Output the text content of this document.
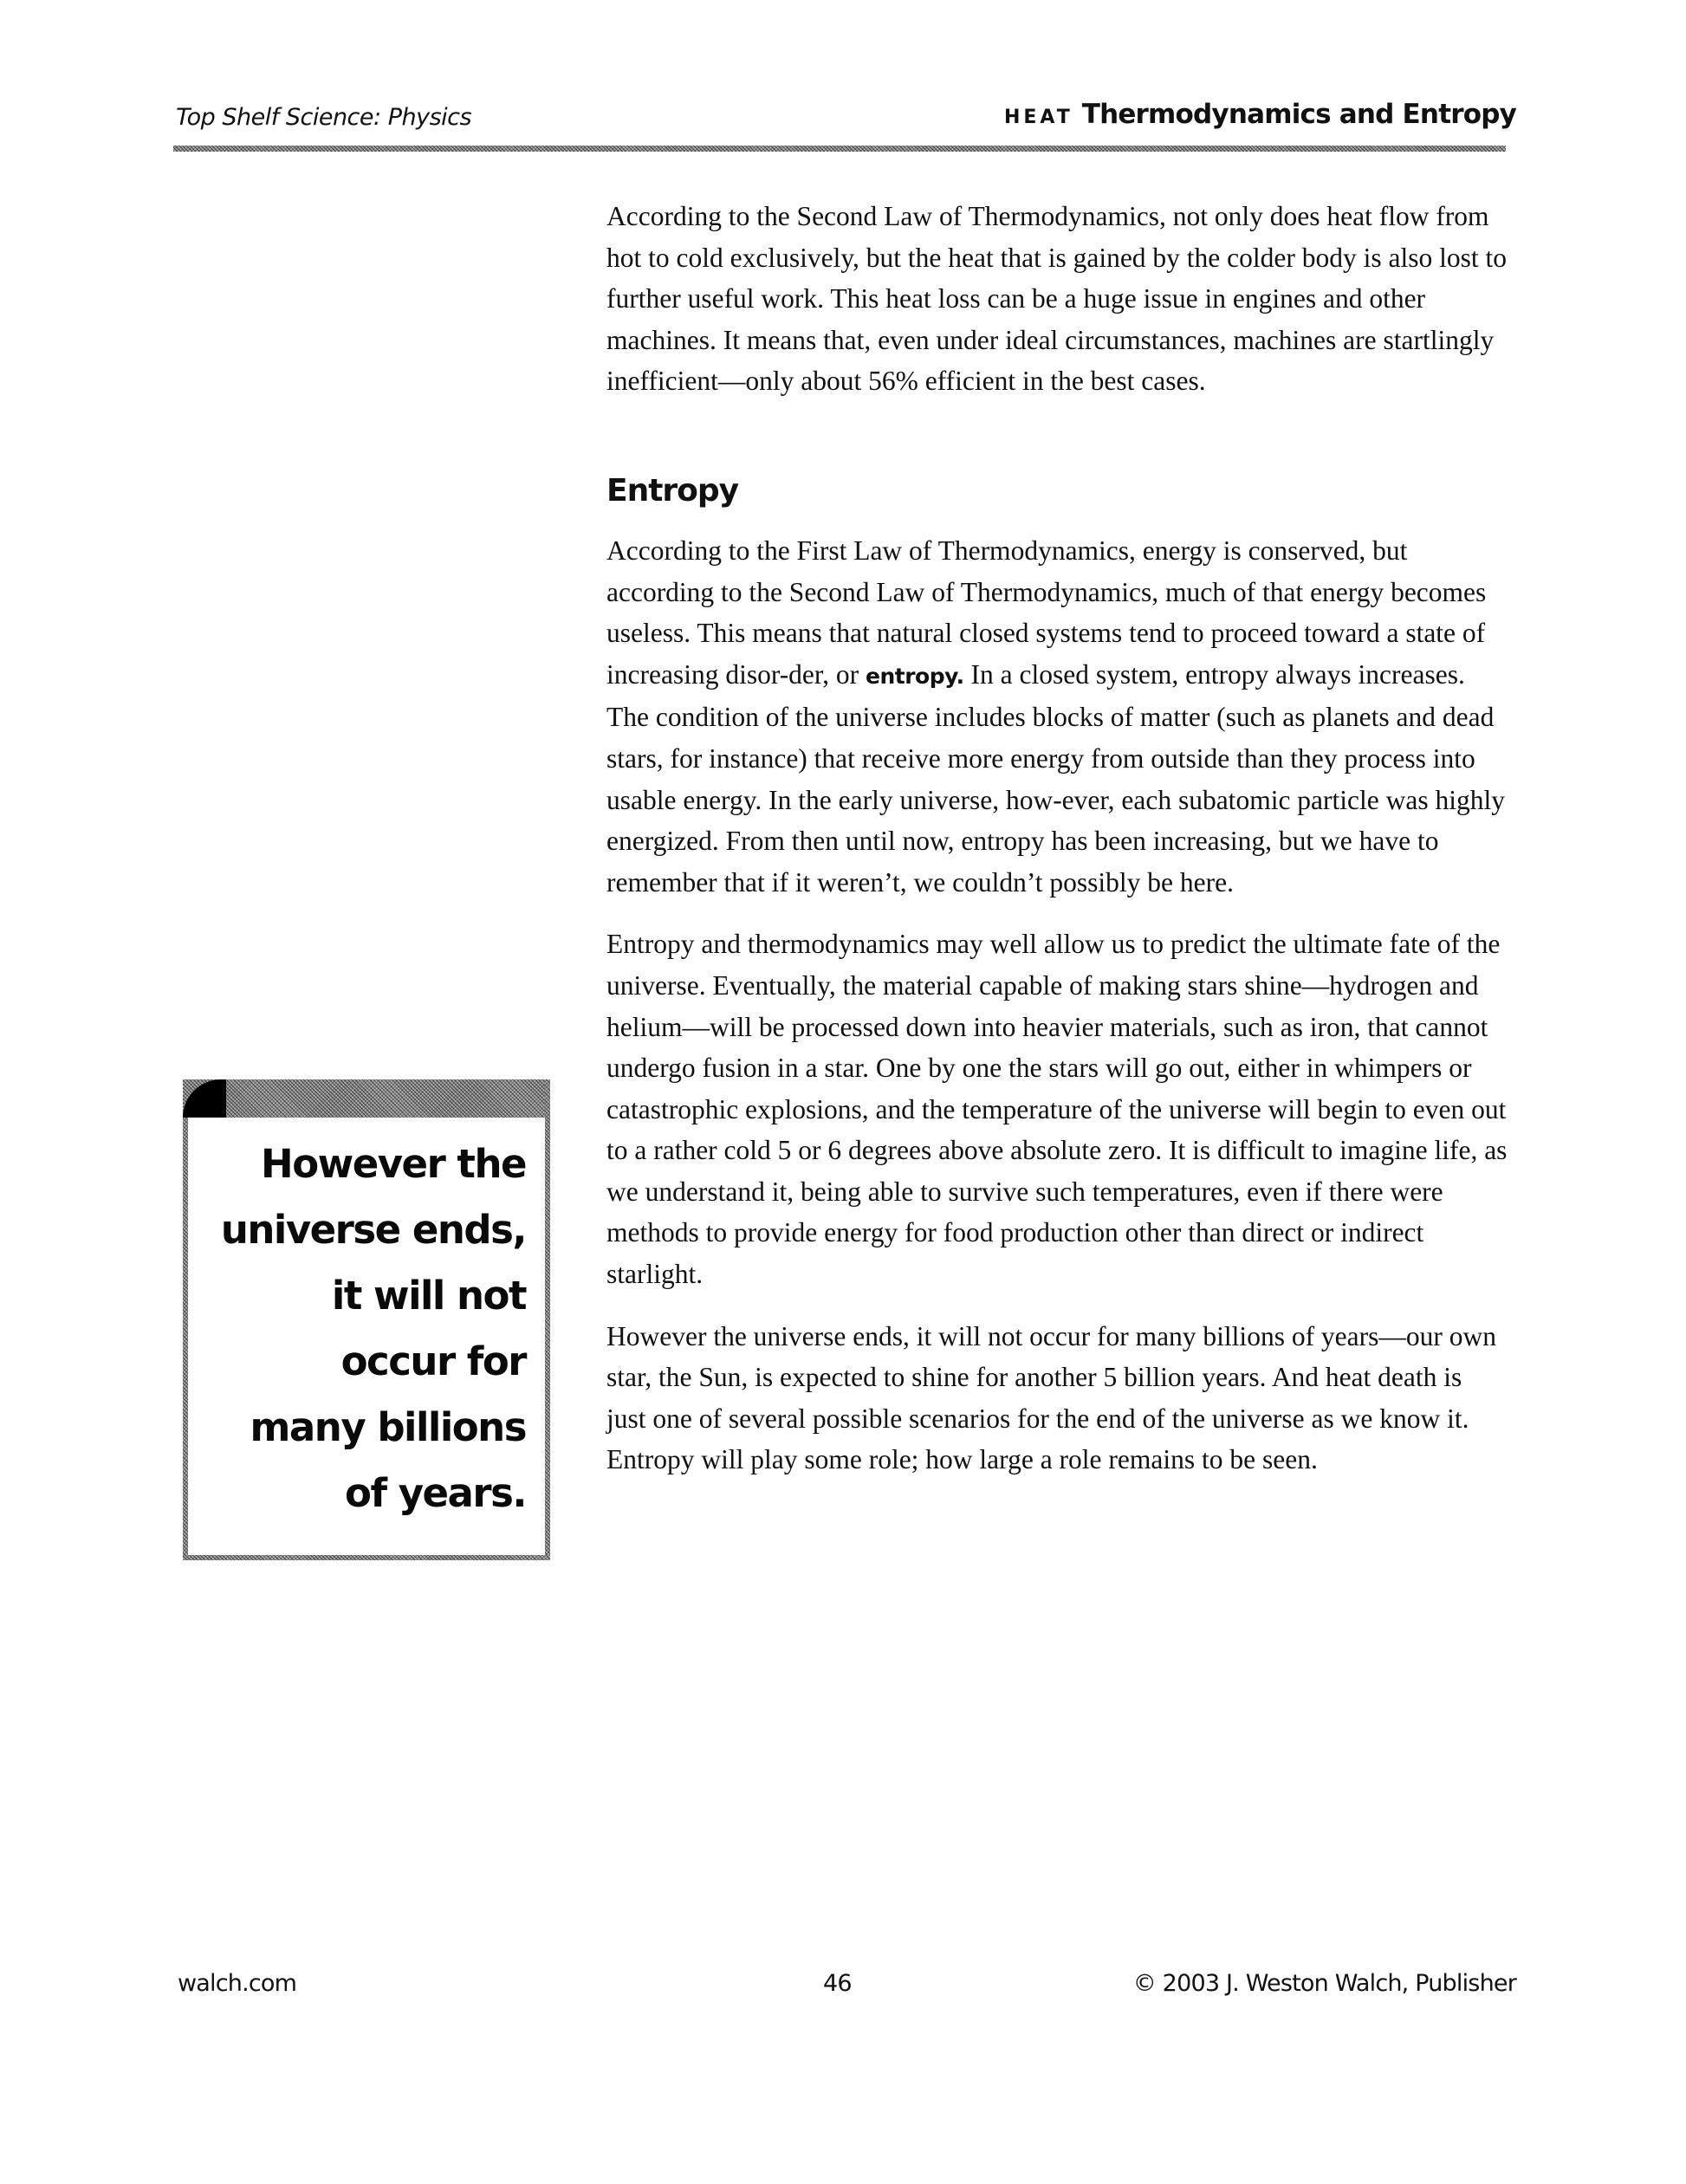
Top Shelf Science: Physics	HEAT Thermodynamics and Entropy

According to the Second Law of Thermodynamics, not only does heat flow from hot to cold exclusively, but the heat that is gained by the colder body is also lost to further useful work. This heat loss can be a huge issue in engines and other machines. It means that, even under ideal circumstances, machines are startlingly inefficient—only about 56% efficient in the best cases.

Entropy

According to the First Law of Thermodynamics, energy is conserved, but according to the Second Law of Thermodynamics, much of that energy becomes useless. This means that natural closed systems tend to proceed toward a state of increasing disor-der, or entropy. In a closed system, entropy always increases. The condition of the universe includes blocks of matter (such as planets and dead stars, for instance) that receive more energy from outside than they process into usable energy. In the early universe, how-ever, each subatomic particle was highly energized. From then until now, entropy has been increasing, but we have to remember that if it weren’t, we couldn’t possibly be here.

Entropy and thermodynamics may well allow us to predict the ultimate fate of the universe. Eventually, the material capable of making stars shine—hydrogen and helium—will be processed down into heavier materials, such as iron, that cannot undergo fusion in a star. One by one the stars will go out, either in whimpers or catastrophic explosions, and the temperature of the universe will begin to even out to a rather cold 5 or 6 degrees above absolute zero. It is difficult to imagine life, as we understand it, being able to survive such temperatures, even if there were methods to provide energy for food production other than direct or indirect starlight.

However the universe ends, it will not occur for many billions of years—our own star, the Sun, is expected to shine for another 5 billion years. And heat death is just one of several possible scenarios for the end of the universe as we know it. Entropy will play some role; how large a role remains to be seen.

However the
universe ends,
it will not
occur for
many billions
of years.
walch.com	46	© 2003 J. Weston Walch, Publisher
